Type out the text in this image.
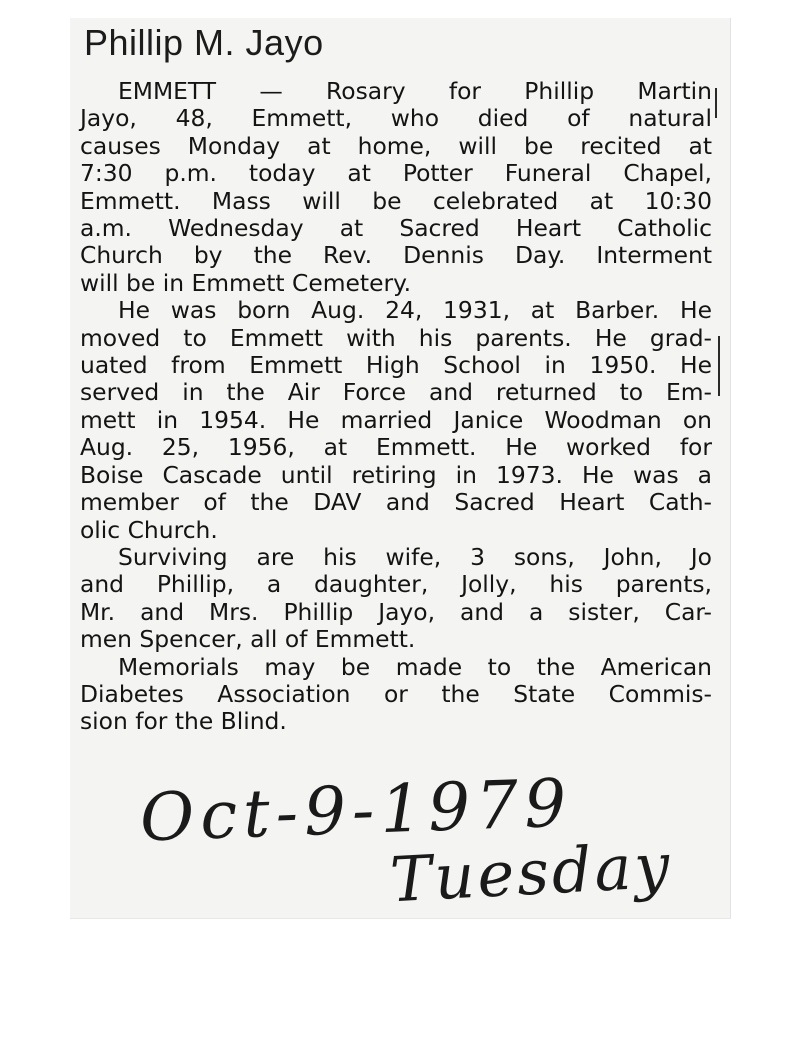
Phillip M. Jayo

EMMETT — Rosary for Phillip Martin
Jayo, 48, Emmett, who died of natural
causes Monday at home, will be recited at
7:30 p.m. today at Potter Funeral Chapel,
Emmett. Mass will be celebrated at 10:30
a.m. Wednesday at Sacred Heart Catholic
Church by the Rev. Dennis Day. Interment
will be in Emmett Cemetery.

He was born Aug. 24, 1931, at Barber. He
moved to Emmett with his parents. He grad-
uated from Emmett High School in 1950. He
served in the Air Force and returned to Em-
mett in 1954. He married Janice Woodman on
Aug. 25, 1956, at Emmett. He worked for
Boise Cascade until retiring in 1973. He was a
member of the DAV and Sacred Heart Cath-
olic Church.

Surviving are his wife, 3 sons, John, Jo
and Phillip, a daughter, Jolly, his parents,
Mr. and Mrs. Phillip Jayo, and a sister, Car-
men Spencer, all of Emmett.

Memorials may be made to the American
Diabetes Association or the State Commis-
sion for the Blind.

Oct-9-1979
Tuesday
